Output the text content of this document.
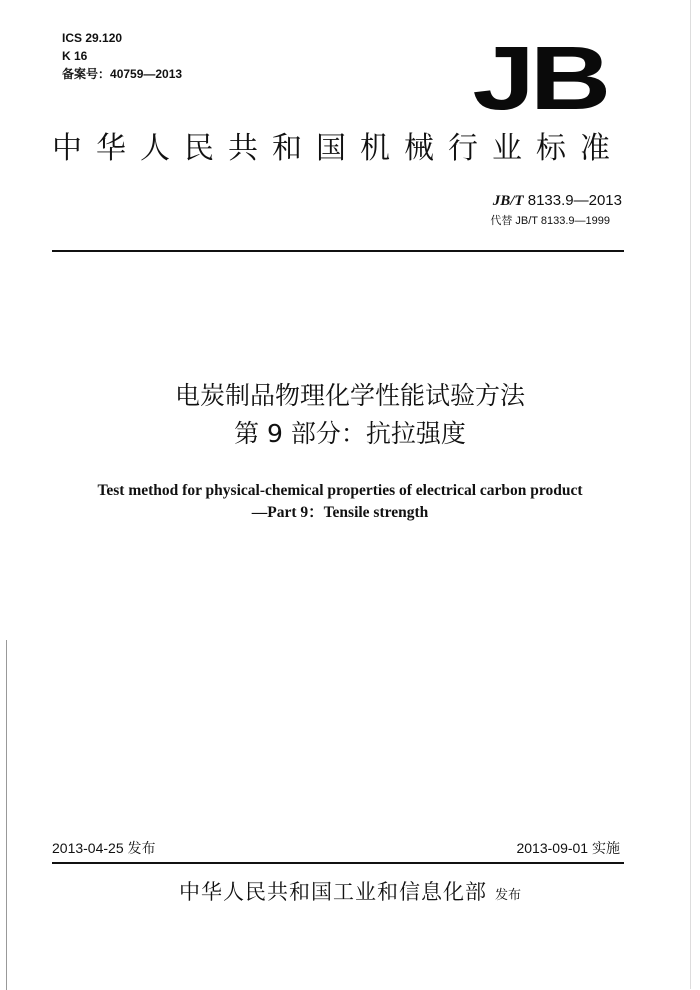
ICS 29.120
K 16
备案号：40759—2013	JB
中华人民共和国机械行业标准
JB/T 8133.9—2013
代替 JB/T 8133.9—1999
电炭制品物理化学性能试验方法
第 9 部分：抗拉强度
Test method for physical-chemical properties of electrical carbon product
—Part 9：Tensile strength
2013-04-25 发布	2013-09-01 实施
中华人民共和国工业和信息化部 发布
